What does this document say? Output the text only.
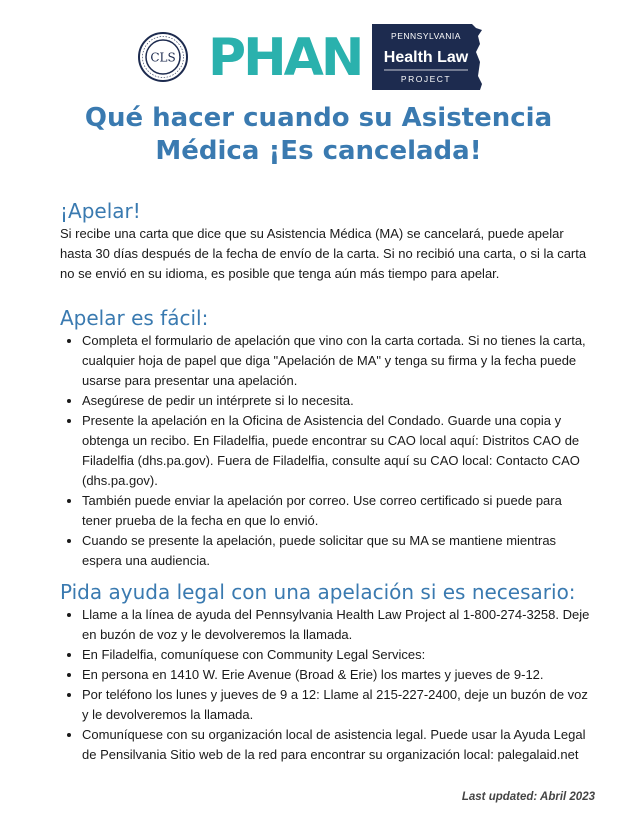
CLS PHAN	PENNSYLVANIA
Health Law
PROJECT
Qué hacer cuando su Asistencia
Médica ¡Es cancelada!
¡Apelar!

Si recibe una carta que dice que su Asistencia Médica (MA) se cancelará, puede apelar hasta 30 días después de la fecha de envío de la carta. Si no recibió una carta, o si la carta no se envió en su idioma, es posible que tenga aún más tiempo para apelar.

Apelar es fácil:
• Completa el formulario de apelación que vino con la carta cortada. Si no tienes la carta, cualquier hoja de papel que diga "Apelación de MA" y tenga su firma y la fecha puede usarse para presentar una apelación.
• Asegúrese de pedir un intérprete si lo necesita.
• Presente la apelación en la Oficina de Asistencia del Condado. Guarde una copia y obtenga un recibo. En Filadelfia, puede encontrar su CAO local aquí: Distritos CAO de Filadelfia (dhs.pa.gov). Fuera de Filadelfia, consulte aquí su CAO local: Contacto CAO (dhs.pa.gov).
• También puede enviar la apelación por correo. Use correo certificado si puede para tener prueba de la fecha en que lo envió.
• Cuando se presente la apelación, puede solicitar que su MA se mantiene mientras espera una audiencia.
Pida ayuda legal con una apelación si es necesario:
• Llame a la línea de ayuda del Pennsylvania Health Law Project al 1-800-274-3258. Deje en buzón de voz y le devolveremos la llamada.
• En Filadelfia, comuníquese con Community Legal Services:
• En persona en 1410 W. Erie Avenue (Broad & Erie) los martes y jueves de 9-12.
• Por teléfono los lunes y jueves de 9 a 12: Llame al 215-227-2400, deje un buzón de voz y le devolveremos la llamada.
• Comuníquese con su organización local de asistencia legal. Puede usar la Ayuda Legal de Pensilvania Sitio web de la red para encontrar su organización local: palegalaid.net
Last updated: Abril 2023
